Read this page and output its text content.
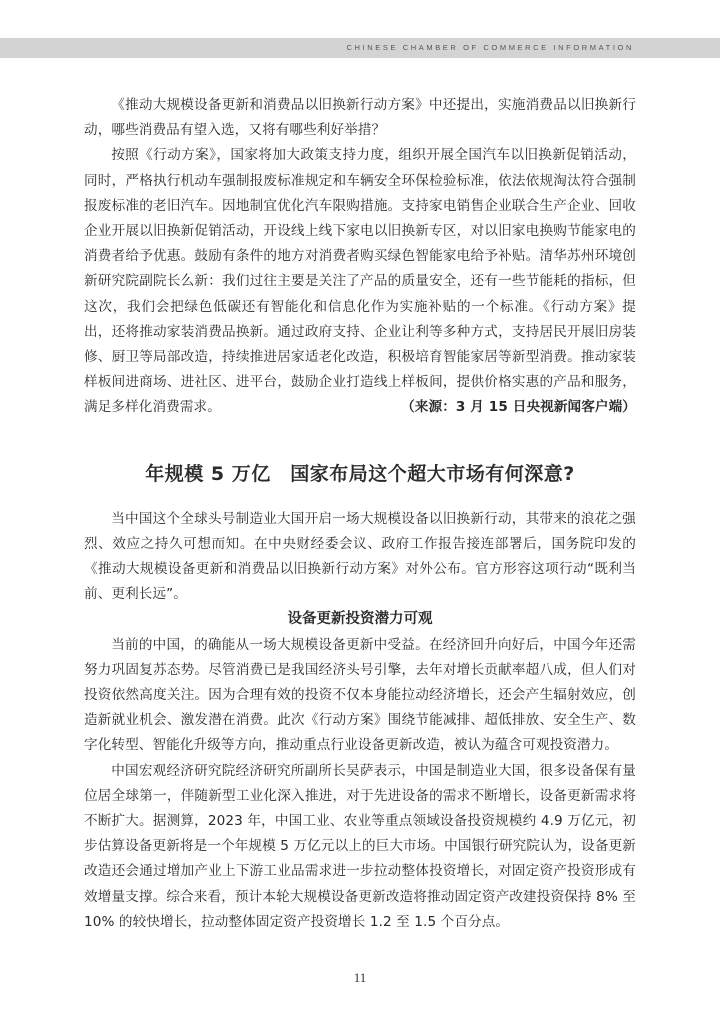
CHINESE CHAMBER OF COMMERCE INFORMATION

《推动大规模设备更新和消费品以旧换新行动方案》中还提出，实施消费品以旧换新行动，哪些消费品有望入选，又将有哪些利好举措？

按照《行动方案》，国家将加大政策支持力度，组织开展全国汽车以旧换新促销活动，同时，严格执行机动车强制报废标准规定和车辆安全环保检验标准，依法依规淘汰符合强制报废标准的老旧汽车。因地制宜优化汽车限购措施。支持家电销售企业联合生产企业、回收企业开展以旧换新促销活动，开设线上线下家电以旧换新专区，对以旧家电换购节能家电的消费者给予优惠。鼓励有条件的地方对消费者购买绿色智能家电给予补贴。清华苏州环境创新研究院副院长么新：我们过往主要是关注了产品的质量安全，还有一些节能耗的指标，但这次，我们会把绿色低碳还有智能化和信息化作为实施补贴的一个标准。《行动方案》提出，还将推动家装消费品换新。通过政府支持、企业让利等多种方式，支持居民开展旧房装修、厨卫等局部改造，持续推进居家适老化改造，积极培育智能家居等新型消费。推动家装样板间进商场、进社区、进平台，鼓励企业打造线上样板间，提供价格实惠的产品和服务，满足多样化消费需求。	（来源：3 月 15 日央视新闻客户端）

年规模 5 万亿　国家布局这个超大市场有何深意?

当中国这个全球头号制造业大国开启一场大规模设备以旧换新行动，其带来的浪花之强烈、效应之持久可想而知。在中央财经委会议、政府工作报告接连部署后，国务院印发的《推动大规模设备更新和消费品以旧换新行动方案》对外公布。官方形容这项行动“既利当前、更利长远”。

设备更新投资潜力可观

当前的中国，的确能从一场大规模设备更新中受益。在经济回升向好后，中国今年还需努力巩固复苏态势。尽管消费已是我国经济头号引擎，去年对增长贡献率超八成，但人们对投资依然高度关注。因为合理有效的投资不仅本身能拉动经济增长，还会产生辐射效应，创造新就业机会、激发潜在消费。此次《行动方案》围绕节能减排、超低排放、安全生产、数字化转型、智能化升级等方向，推动重点行业设备更新改造，被认为蕴含可观投资潜力。

中国宏观经济研究院经济研究所副所长吴萨表示，中国是制造业大国，很多设备保有量位居全球第一，伴随新型工业化深入推进，对于先进设备的需求不断增长，设备更新需求将不断扩大。据测算，2023 年，中国工业、农业等重点领域设备投资规模约 4.9 万亿元，初步估算设备更新将是一个年规模 5 万亿元以上的巨大市场。中国银行研究院认为，设备更新改造还会通过增加产业上下游工业品需求进一步拉动整体投资增长，对固定资产投资形成有效增量支撑。综合来看，预计本轮大规模设备更新改造将推动固定资产改建投资保持 8% 至 10% 的较快增长，拉动整体固定资产投资增长 1.2 至 1.5 个百分点。

11
